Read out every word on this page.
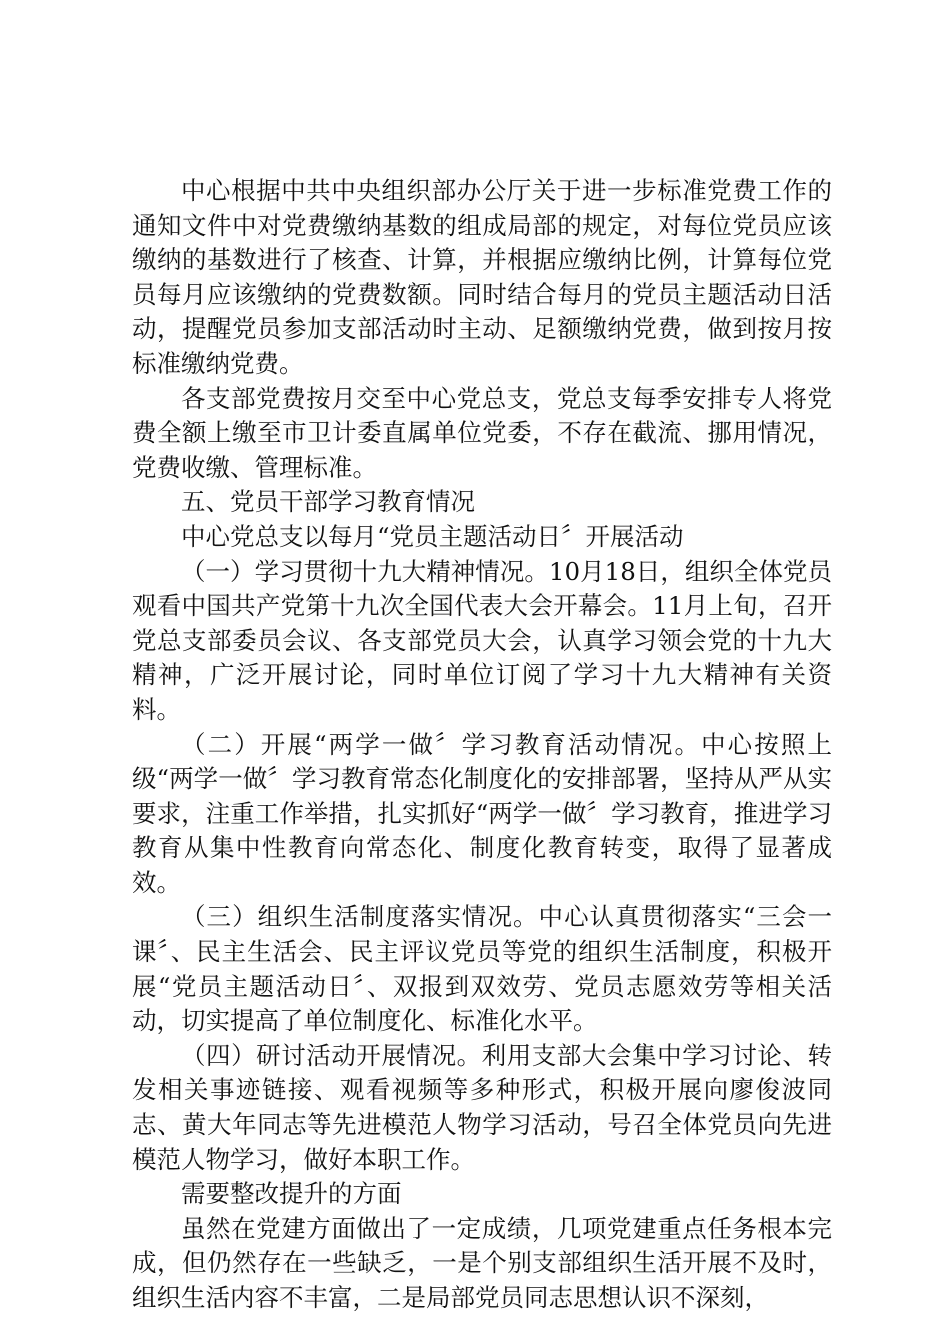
中心根据中共中央组织部办公厅关于进一步标准党费工作的通知文件中对党费缴纳基数的组成局部的规定，对每位党员应该缴纳的基数进行了核查、计算，并根据应缴纳比例，计算每位党员每月应该缴纳的党费数额。同时结合每月的党员主题活动日活动，提醒党员参加支部活动时主动、足额缴纳党费，做到按月按标准缴纳党费。

各支部党费按月交至中心党总支，党总支每季安排专人将党费全额上缴至市卫计委直属单位党委，不存在截流、挪用情况，党费收缴、管理标准。

五、党员干部学习教育情况

中心党总支以每月“党员主题活动日〞开展活动

（一）学习贯彻十九大精神情况。10月18日，组织全体党员观看中国共产党第十九次全国代表大会开幕会。11月上旬，召开党总支部委员会议、各支部党员大会，认真学习领会党的十九大精神，广泛开展讨论，同时单位订阅了学习十九大精神有关资料。

（二）开展“两学一做〞学习教育活动情况。中心按照上级“两学一做〞学习教育常态化制度化的安排部署，坚持从严从实要求，注重工作举措，扎实抓好“两学一做〞学习教育，推进学习教育从集中性教育向常态化、制度化教育转变，取得了显著成效。

（三）组织生活制度落实情况。中心认真贯彻落实“三会一课〞、民主生活会、民主评议党员等党的组织生活制度，积极开展“党员主题活动日〞、双报到双效劳、党员志愿效劳等相关活动，切实提高了单位制度化、标准化水平。

（四）研讨活动开展情况。利用支部大会集中学习讨论、转发相关事迹链接、观看视频等多种形式，积极开展向廖俊波同志、黄大年同志等先进模范人物学习活动，号召全体党员向先进模范人物学习，做好本职工作。

需要整改提升的方面

虽然在党建方面做出了一定成绩，几项党建重点任务根本完成，但仍然存在一些缺乏，一是个别支部组织生活开展不及时，组织生活内容不丰富，二是局部党员同志思想认识不深刻，
